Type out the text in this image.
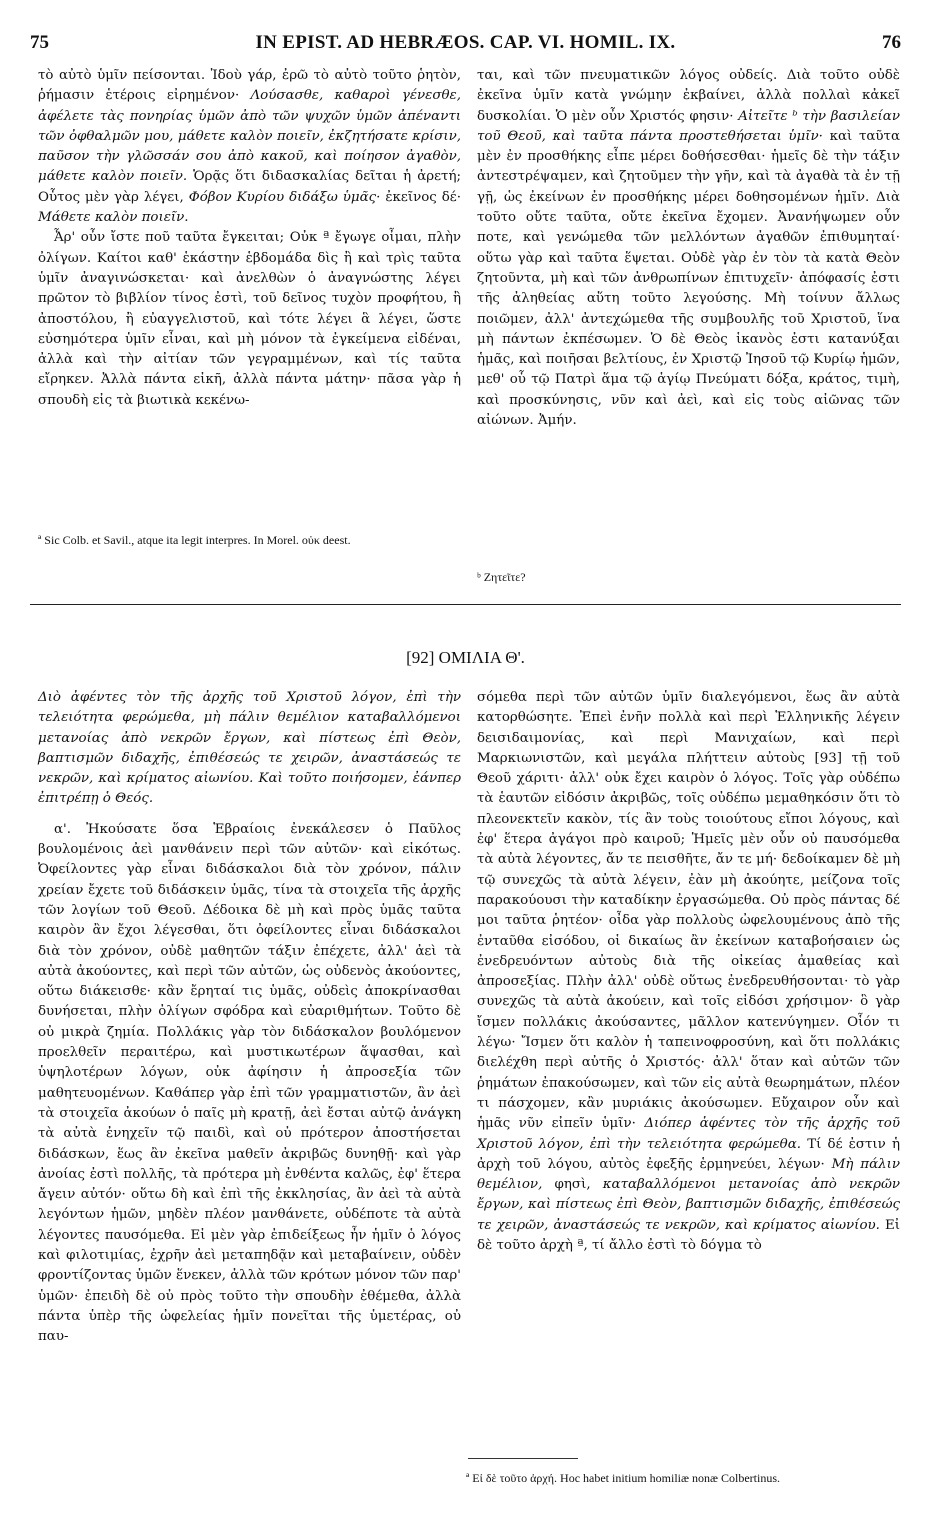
75	IN EPIST. AD HEBRÆOS. CAP. VI. HOMIL. IX.	76

τὸ αὐτὸ ὑμῖν πείσονται. Ἰδοὺ γάρ, ἐρῶ τὸ αὐτὸ τοῦτο ῥητὸν, ῥήμασιν ἑτέροις εἰρημένον· Λούσασθε, καθαροὶ γένεσθε, ἀφέλετε τὰς πονηρίας ὑμῶν ἀπὸ τῶν ψυχῶν ὑμῶν ἀπέναντι τῶν ὀφθαλμῶν μου, μάθετε καλὸν ποιεῖν, ἐκζητήσατε κρίσιν, παῦσον τὴν γλῶσσάν σου ἀπὸ κακοῦ, καὶ ποίησον ἀγαθὸν, μάθετε καλὸν ποιεῖν. Ὁρᾷς ὅτι διδασκαλίας δεῖται ἡ ἀρετή; Οὗτος μὲν γὰρ λέγει, Φόβον Κυρίου διδάξω ὑμᾶς· ἐκεῖνος δέ· Μάθετε καλὸν ποιεῖν.

Ἆρ' οὖν ἴστε ποῦ ταῦτα ἔγκειται; Οὐκ ª ἔγωγε οἶμαι, πλὴν ὀλίγων. Καίτοι καθ' ἑκάστην ἑβδομάδα δὶς ἢ καὶ τρὶς ταῦτα ὑμῖν ἀναγινώσκεται· καὶ ἀνελθὼν ὁ ἀναγνώστης λέγει πρῶτον τὸ βιβλίον τίνος ἐστὶ, τοῦ δεῖνος τυχὸν προφήτου, ἢ ἀποστόλου, ἢ εὐαγγελιστοῦ, καὶ τότε λέγει ἃ λέγει, ὥστε εὐσημότερα ὑμῖν εἶναι, καὶ μὴ μόνον τὰ ἐγκείμενα εἰδέναι, ἀλλὰ καὶ τὴν αἰτίαν τῶν γεγραμμένων, καὶ τίς ταῦτα εἴρηκεν. Ἀλλὰ πάντα εἰκῆ, ἀλλὰ πάντα μάτην· πᾶσα γὰρ ἡ σπουδὴ εἰς τὰ βιωτικὰ κεκένω-

ται, καὶ τῶν πνευματικῶν λόγος οὐδείς. Διὰ τοῦτο οὐδὲ ἐκεῖνα ὑμῖν κατὰ γνώμην ἐκβαίνει, ἀλλὰ πολλαὶ κἀκεῖ δυσκολίαι. Ὁ μὲν οὖν Χριστός φησιν· Αἰτεῖτε ᵇ τὴν βασιλείαν τοῦ Θεοῦ, καὶ ταῦτα πάντα προστεθήσεται ὑμῖν· καὶ ταῦτα μὲν ἐν προσθήκης εἶπε μέρει δοθήσεσθαι· ἡμεῖς δὲ τὴν τάξιν ἀντεστρέψαμεν, καὶ ζητοῦμεν τὴν γῆν, καὶ τὰ ἀγαθὰ τὰ ἐν τῇ γῇ, ὡς ἐκείνων ἐν προσθήκης μέρει δοθησομένων ἡμῖν. Διὰ τοῦτο οὔτε ταῦτα, οὔτε ἐκεῖνα ἔχομεν. Ἀνανήψωμεν οὖν ποτε, καὶ γενώμεθα τῶν μελλόντων ἀγαθῶν ἐπιθυμηταί· οὕτω γὰρ καὶ ταῦτα ἕψεται. Οὐδὲ γὰρ ἐν τὸν τὰ κατὰ Θεὸν ζητοῦντα, μὴ καὶ τῶν ἀνθρωπίνων ἐπιτυχεῖν· ἀπόφασίς ἐστι τῆς ἀληθείας αὕτη τοῦτο λεγούσης. Μὴ τοίνυν ἄλλως ποιῶμεν, ἀλλ' ἀντεχώμεθα τῆς συμβουλῆς τοῦ Χριστοῦ, ἵνα μὴ πάντων ἐκπέσωμεν. Ὁ δὲ Θεὸς ἱκανὸς ἐστι κατανύξαι ἡμᾶς, καὶ ποιῆσαι βελτίους, ἐν Χριστῷ Ἰησοῦ τῷ Κυρίῳ ἡμῶν, μεθ' οὗ τῷ Πατρὶ ἅμα τῷ ἁγίῳ Πνεύματι δόξα, κράτος, τιμὴ, καὶ προσκύνησις, νῦν καὶ ἀεὶ, καὶ εἰς τοὺς αἰῶνας τῶν αἰώνων. Ἀμήν.

ª Sic Colb. et Savil., atque ita legit interpres. In Morel. οὐκ deest.
ᵇ Ζητεῖτε?
[92] ΟΜΙΛΙΑ Θ'.

Διὸ ἀφέντες τὸν τῆς ἀρχῆς τοῦ Χριστοῦ λόγον, ἐπὶ τὴν τελειότητα φερώμεθα, μὴ πάλιν θεμέλιον καταβαλλόμενοι μετανοίας ἀπὸ νεκρῶν ἔργων, καὶ πίστεως ἐπὶ Θεὸν, βαπτισμῶν διδαχῆς, ἐπιθέσεώς τε χειρῶν, ἀναστάσεώς τε νεκρῶν, καὶ κρίματος αἰωνίου. Καὶ τοῦτο ποιήσομεν, ἐάνπερ ἐπιτρέπῃ ὁ Θεός.

α'. Ἠκούσατε ὅσα Ἑβραίοις ἐνεκάλεσεν ὁ Παῦλος βουλομένοις ἀεὶ μανθάνειν περὶ τῶν αὐτῶν· καὶ εἰκότως. Ὀφείλοντες γὰρ εἶναι διδάσκαλοι διὰ τὸν χρόνον, πάλιν χρείαν ἔχετε τοῦ διδάσκειν ὑμᾶς, τίνα τὰ στοιχεῖα τῆς ἀρχῆς τῶν λογίων τοῦ Θεοῦ. Δέδοικα δὲ μὴ καὶ πρὸς ὑμᾶς ταῦτα καιρὸν ἂν ἔχοι λέγεσθαι, ὅτι ὀφείλοντες εἶναι διδάσκαλοι διὰ τὸν χρόνον, οὐδὲ μαθητῶν τάξιν ἐπέχετε, ἀλλ' ἀεὶ τὰ αὐτὰ ἀκούοντες, καὶ περὶ τῶν αὐτῶν, ὡς οὐδενὸς ἀκούοντες, οὕτω διάκεισθε· κἂν ἔρηταί τις ὑμᾶς, οὐδεὶς ἀποκρίνασθαι δυνήσεται, πλὴν ὀλίγων σφόδρα καὶ εὐαριθμήτων. Τοῦτο δὲ οὐ μικρὰ ζημία. Πολλάκις γὰρ τὸν διδάσκαλον βουλόμενον προελθεῖν περαιτέρω, καὶ μυστικωτέρων ἅψασθαι, καὶ ὑψηλοτέρων λόγων, οὐκ ἀφίησιν ἡ ἀπροσεξία τῶν μαθητευομένων. Καθάπερ γὰρ ἐπὶ τῶν γραμματιστῶν, ἂν ἀεὶ τὰ στοιχεῖα ἀκούων ὁ παῖς μὴ κρατῇ, ἀεὶ ἔσται αὐτῷ ἀνάγκη τὰ αὐτὰ ἐνηχεῖν τῷ παιδὶ, καὶ οὐ πρότερον ἀποστήσεται διδάσκων, ἕως ἂν ἐκεῖνα μαθεῖν ἀκριβῶς δυνηθῇ· καὶ γὰρ ἀνοίας ἐστὶ πολλῆς, τὰ πρότερα μὴ ἐνθέντα καλῶς, ἐφ' ἕτερα ἄγειν αὐτόν· οὕτω δὴ καὶ ἐπὶ τῆς ἐκκλησίας, ἂν ἀεὶ τὰ αὐτὰ λεγόντων ἡμῶν, μηδὲν πλέον μανθάνετε, οὐδέποτε τὰ αὐτὰ λέγοντες παυσόμεθα. Εἰ μὲν γὰρ ἐπιδείξεως ἦν ἡμῖν ὁ λόγος καὶ φιλοτιμίας, ἐχρῆν ἀεὶ μεταπηδᾷν καὶ μεταβαίνειν, οὐδὲν φροντίζοντας ὑμῶν ἕνεκεν, ἀλλὰ τῶν κρότων μόνον τῶν παρ' ὑμῶν· ἐπειδὴ δὲ οὐ πρὸς τοῦτο τὴν σπουδὴν ἐθέμεθα, ἀλλὰ πάντα ὑπὲρ τῆς ὠφελείας ἡμῖν πονεῖται τῆς ὑμετέρας, οὐ παυ-

σόμεθα περὶ τῶν αὐτῶν ὑμῖν διαλεγόμενοι, ἕως ἂν αὐτὰ κατορθώσητε. Ἐπεὶ ἐνῆν πολλὰ καὶ περὶ Ἑλληνικῆς λέγειν δεισιδαιμονίας, καὶ περὶ Μανιχαίων, καὶ περὶ Μαρκιωνιστῶν, καὶ μεγάλα πλήττειν αὐτοὺς [93] τῇ τοῦ Θεοῦ χάριτι· ἀλλ' οὐκ ἔχει καιρὸν ὁ λόγος. Τοῖς γὰρ οὐδέπω τὰ ἑαυτῶν εἰδόσιν ἀκριβῶς, τοῖς οὐδέπω μεμαθηκόσιν ὅτι τὸ πλεονεκτεῖν κακὸν, τίς ἂν τοὺς τοιούτους εἴποι λόγους, καὶ ἐφ' ἕτερα ἀγάγοι πρὸ καιροῦ; Ἡμεῖς μὲν οὖν οὐ παυσόμεθα τὰ αὐτὰ λέγοντες, ἄν τε πεισθῆτε, ἄν τε μή· δεδοίκαμεν δὲ μὴ τῷ συνεχῶς τὰ αὐτὰ λέγειν, ἐὰν μὴ ἀκούητε, μείζονα τοῖς παρακούουσι τὴν καταδίκην ἐργασώμεθα. Οὐ πρὸς πάντας δέ μοι ταῦτα ῥητέον· οἶδα γὰρ πολλοὺς ὠφελουμένους ἀπὸ τῆς ἐνταῦθα εἰσόδου, οἱ δικαίως ἂν ἐκείνων καταβοήσαιεν ὡς ἐνεδρευόντων αὐτοὺς διὰ τῆς οἰκείας ἀμαθείας καὶ ἀπροσεξίας. Πλὴν ἀλλ' οὐδὲ οὕτως ἐνεδρευθήσονται· τὸ γὰρ συνεχῶς τὰ αὐτὰ ἀκούειν, καὶ τοῖς εἰδόσι χρήσιμον· ὃ γὰρ ἴσμεν πολλάκις ἀκούσαντες, μᾶλλον κατενύγημεν. Οἷόν τι λέγω· Ἴσμεν ὅτι καλὸν ἡ ταπεινοφροσύνη, καὶ ὅτι πολλάκις διελέχθη περὶ αὐτῆς ὁ Χριστός· ἀλλ' ὅταν καὶ αὐτῶν τῶν ῥημάτων ἐπακούσωμεν, καὶ τῶν εἰς αὐτὰ θεωρημάτων, πλέον τι πάσχομεν, κἂν μυριάκις ἀκούσωμεν. Εὔχαιρον οὖν καὶ ἡμᾶς νῦν εἰπεῖν ὑμῖν· Διόπερ ἀφέντες τὸν τῆς ἀρχῆς τοῦ Χριστοῦ λόγον, ἐπὶ τὴν τελειότητα φερώμεθα. Τί δέ ἐστιν ἡ ἀρχὴ τοῦ λόγου, αὐτὸς ἐφεξῆς ἑρμηνεύει, λέγων· Μὴ πάλιν θεμέλιον, φησὶ, καταβαλλόμενοι μετανοίας ἀπὸ νεκρῶν ἔργων, καὶ πίστεως ἐπὶ Θεὸν, βαπτισμῶν διδαχῆς, ἐπιθέσεώς τε χειρῶν, ἀναστάσεώς τε νεκρῶν, καὶ κρίματος αἰωνίου. Εἰ δὲ τοῦτο ἀρχὴ ª, τί ἄλλο ἐστὶ τὸ δόγμα τὸ

ª Εἰ δὲ τοῦτο ἀρχή. Hoc habet initium homiliæ nonæ Colbertinus.
